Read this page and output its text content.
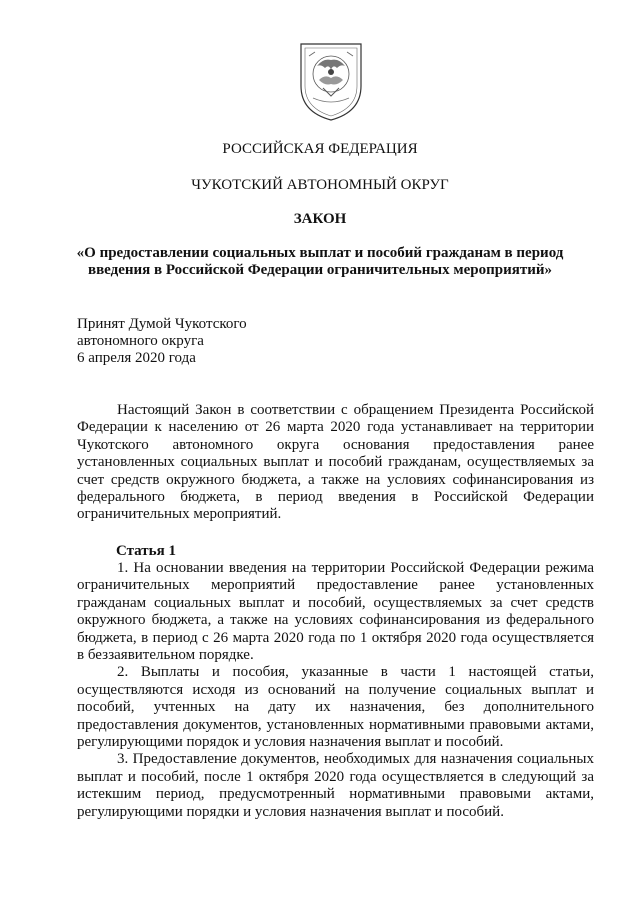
РОССИЙСКАЯ ФЕДЕРАЦИЯ
ЧУКОТСКИЙ АВТОНОМНЫЙ ОКРУГ
ЗАКОН
«О предоставлении социальных выплат и пособий гражданам в период
введения в Российской Федерации ограничительных мероприятий»
Принят Думой Чукотского
автономного округа
6 апреля 2020 года
Настоящий Закон в соответствии с обращением Президента Российской
Федерации к населению от 26 марта 2020 года устанавливает на территории
Чукотского автономного округа основания предоставления ранее
установленных социальных выплат и пособий гражданам, осуществляемых за
счет средств окружного бюджета, а также на условиях софинансирования из
федерального бюджета, в период введения в Российской Федерации
ограничительных мероприятий.
Статья 1
1. На основании введения на территории Российской Федерации режима
ограничительных мероприятий предоставление ранее установленных
гражданам социальных выплат и пособий, осуществляемых за счет средств
окружного бюджета, а также на условиях софинансирования из федерального
бюджета, в период с 26 марта 2020 года по 1 октября 2020 года осуществляется
в беззаявительном порядке.
2. Выплаты и пособия, указанные в части 1 настоящей статьи,
осуществляются исходя из оснований на получение социальных выплат и
пособий, учтенных на дату их назначения, без дополнительного
предоставления документов, установленных нормативными правовыми актами,
регулирующими порядок и условия назначения выплат и пособий.
3. Предоставление документов, необходимых для назначения социальных
выплат и пособий, после 1 октября 2020 года осуществляется в следующий за
истекшим период, предусмотренный нормативными правовыми актами,
регулирующими порядки и условия назначения выплат и пособий.
